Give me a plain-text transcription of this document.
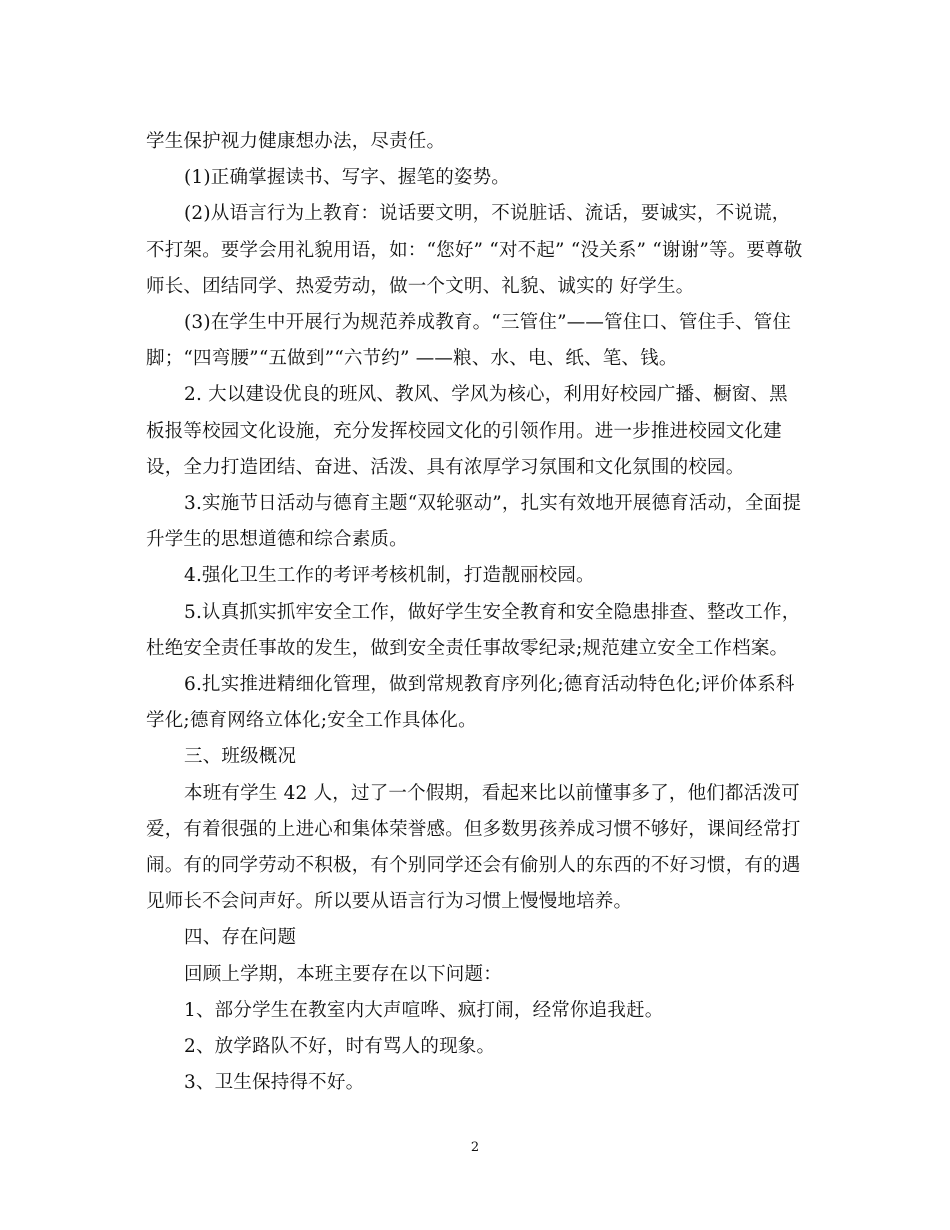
学生保护视力健康想办法，尽责任。

(1)正确掌握读书、写字、握笔的姿势。

(2)从语言行为上教育：说话要文明，不说脏话、流话，要诚实，不说谎，不打架。要学会用礼貌用语，如：“您好” “对不起” “没关系” “谢谢”等。要尊敬师长、团结同学、热爱劳动，做一个文明、礼貌、诚实的 好学生。

(3)在学生中开展行为规范养成教育。“三管住”——管住口、管住手、管住脚；“四弯腰”“五做到”“六节约” ——粮、水、电、纸、笔、钱。

2. 大以建设优良的班风、教风、学风为核心，利用好校园广播、橱窗、黑板报等校园文化设施，充分发挥校园文化的引领作用。进一步推进校园文化建设，全力打造团结、奋进、活泼、具有浓厚学习氛围和文化氛围的校园。

3.实施节日活动与德育主题“双轮驱动”，扎实有效地开展德育活动，全面提升学生的思想道德和综合素质。

4.强化卫生工作的考评考核机制，打造靓丽校园。

5.认真抓实抓牢安全工作，做好学生安全教育和安全隐患排查、整改工作，杜绝安全责任事故的发生，做到安全责任事故零纪录;规范建立安全工作档案。

6.扎实推进精细化管理，做到常规教育序列化;德育活动特色化;评价体系科学化;德育网络立体化;安全工作具体化。

三、班级概况

本班有学生 42 人，过了一个假期，看起来比以前懂事多了，他们都活泼可爱，有着很强的上进心和集体荣誉感。但多数男孩养成习惯不够好，课间经常打闹。有的同学劳动不积极，有个别同学还会有偷别人的东西的不好习惯，有的遇见师长不会问声好。所以要从语言行为习惯上慢慢地培养。

四、存在问题

回顾上学期，本班主要存在以下问题：

1、部分学生在教室内大声喧哗、疯打闹，经常你追我赶。

2、放学路队不好，时有骂人的现象。

3、卫生保持得不好。

2
